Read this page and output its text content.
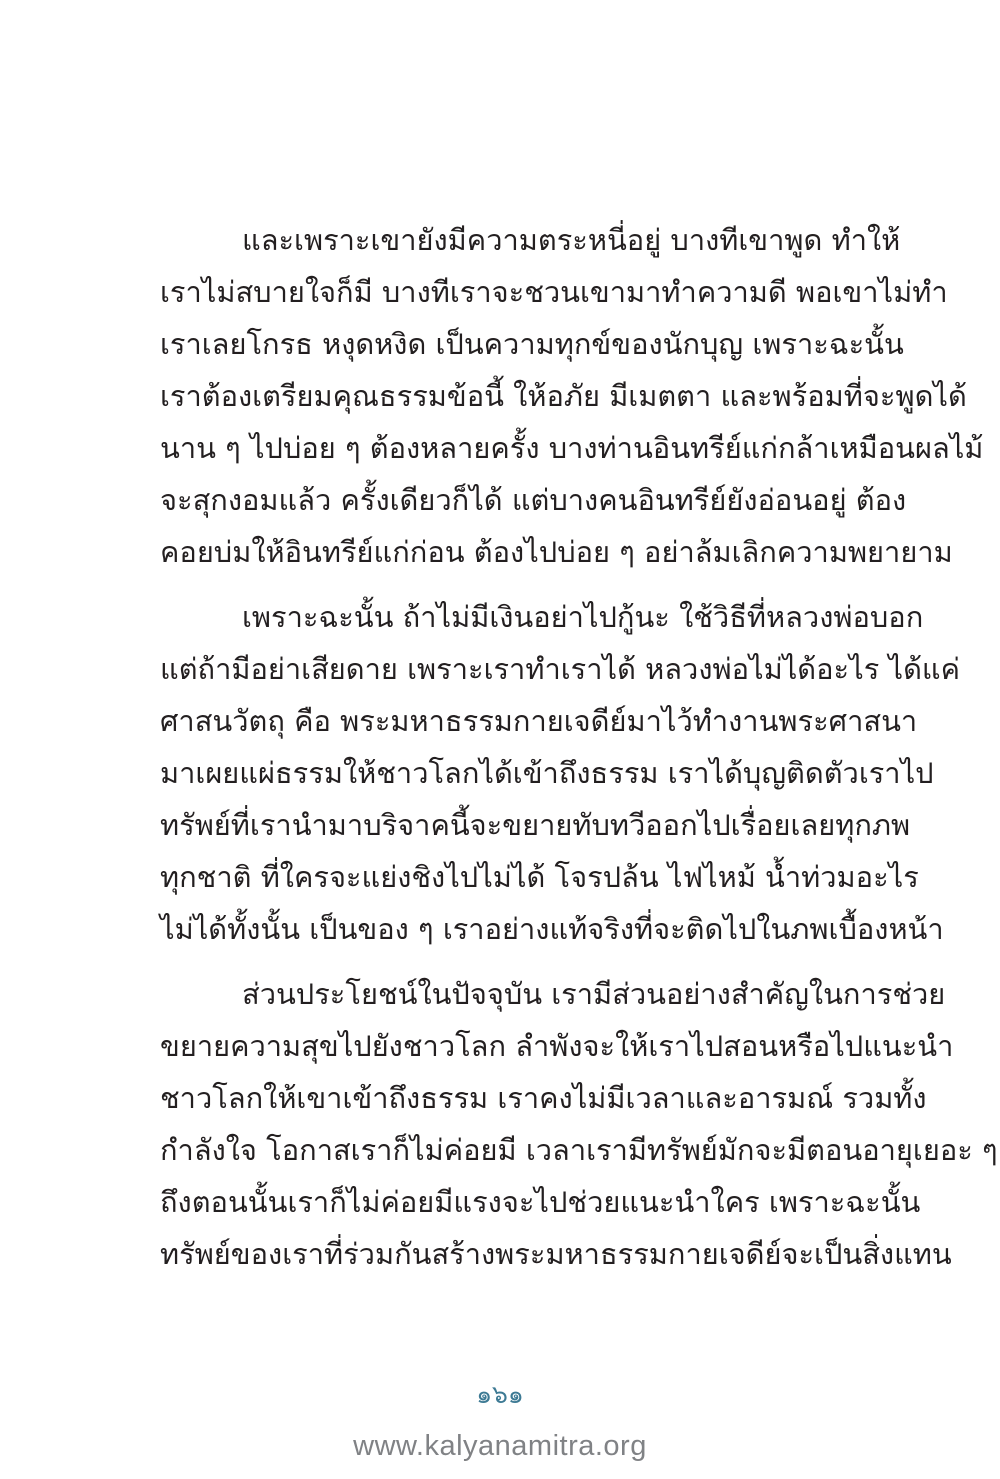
และเพราะเขายังมีความตระหนี่อยู่ บางทีเขาพูด ทำให้
เราไม่สบายใจก็มี บางทีเราจะชวนเขามาทำความดี พอเขาไม่ทำ
เราเลยโกรธ หงุดหงิด เป็นความทุกข์ของนักบุญ เพราะฉะนั้น
เราต้องเตรียมคุณธรรมข้อนี้ ให้อภัย มีเมตตา และพร้อมที่จะพูดได้
นาน ๆ ไปบ่อย ๆ ต้องหลายครั้ง บางท่านอินทรีย์แก่กล้าเหมือนผลไม้
จะสุกงอมแล้ว ครั้งเดียวก็ได้ แต่บางคนอินทรีย์ยังอ่อนอยู่ ต้อง
คอยบ่มให้อินทรีย์แก่ก่อน ต้องไปบ่อย ๆ อย่าล้มเลิกความพยายาม
เพราะฉะนั้น ถ้าไม่มีเงินอย่าไปกู้นะ ใช้วิธีที่หลวงพ่อบอก
แต่ถ้ามีอย่าเสียดาย เพราะเราทำเราได้ หลวงพ่อไม่ได้อะไร ได้แค่
ศาสนวัตถุ คือ พระมหาธรรมกายเจดีย์มาไว้ทำงานพระศาสนา
มาเผยแผ่ธรรมให้ชาวโลกได้เข้าถึงธรรม เราได้บุญติดตัวเราไป
ทรัพย์ที่เรานำมาบริจาคนี้จะขยายทับทวีออกไปเรื่อยเลยทุกภพ
ทุกชาติ ที่ใครจะแย่งชิงไปไม่ได้ โจรปล้น ไฟไหม้ น้ำท่วมอะไร
ไม่ได้ทั้งนั้น เป็นของ ๆ เราอย่างแท้จริงที่จะติดไปในภพเบื้องหน้า
ส่วนประโยชน์ในปัจจุบัน เรามีส่วนอย่างสำคัญในการช่วย
ขยายความสุขไปยังชาวโลก ลำพังจะให้เราไปสอนหรือไปแนะนำ
ชาวโลกให้เขาเข้าถึงธรรม เราคงไม่มีเวลาและอารมณ์ รวมทั้ง
กำลังใจ โอกาสเราก็ไม่ค่อยมี เวลาเรามีทรัพย์มักจะมีตอนอายุเยอะ ๆ
ถึงตอนนั้นเราก็ไม่ค่อยมีแรงจะไปช่วยแนะนำใคร เพราะฉะนั้น
ทรัพย์ของเราที่ร่วมกันสร้างพระมหาธรรมกายเจดีย์จะเป็นสิ่งแทน
๑๖๑
www.kalyanamitra.org
